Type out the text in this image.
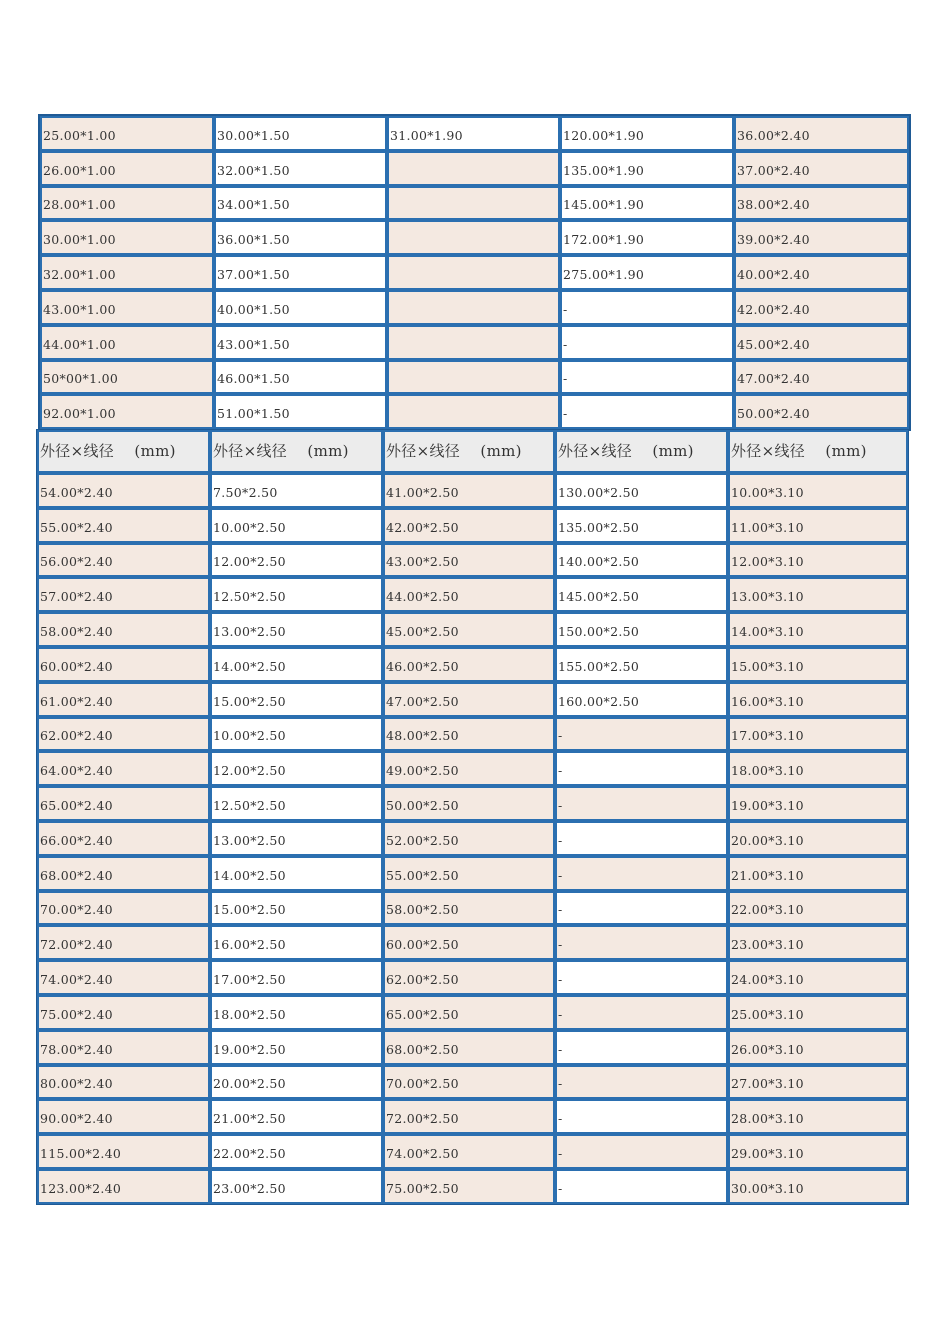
25.00*1.00	30.00*1.50	31.00*1.90	120.00*1.90	36.00*2.40
26.00*1.00	32.00*1.50		135.00*1.90	37.00*2.40
28.00*1.00	34.00*1.50		145.00*1.90	38.00*2.40
30.00*1.00	36.00*1.50		172.00*1.90	39.00*2.40
32.00*1.00	37.00*1.50		275.00*1.90	40.00*2.40
43.00*1.00	40.00*1.50		-	42.00*2.40
44.00*1.00	43.00*1.50		-	45.00*2.40
50*00*1.00	46.00*1.50		-	47.00*2.40
92.00*1.00	51.00*1.50		-	50.00*2.40
外径×线径　 (mm)	外径×线径　 (mm)	外径×线径　 (mm)	外径×线径　 (mm)	外径×线径　 (mm)
54.00*2.40	7.50*2.50	41.00*2.50	130.00*2.50	10.00*3.10
55.00*2.40	10.00*2.50	42.00*2.50	135.00*2.50	11.00*3.10
56.00*2.40	12.00*2.50	43.00*2.50	140.00*2.50	12.00*3.10
57.00*2.40	12.50*2.50	44.00*2.50	145.00*2.50	13.00*3.10
58.00*2.40	13.00*2.50	45.00*2.50	150.00*2.50	14.00*3.10
60.00*2.40	14.00*2.50	46.00*2.50	155.00*2.50	15.00*3.10
61.00*2.40	15.00*2.50	47.00*2.50	160.00*2.50	16.00*3.10
62.00*2.40	10.00*2.50	48.00*2.50	-	17.00*3.10
64.00*2.40	12.00*2.50	49.00*2.50	-	18.00*3.10
65.00*2.40	12.50*2.50	50.00*2.50	-	19.00*3.10
66.00*2.40	13.00*2.50	52.00*2.50	-	20.00*3.10
68.00*2.40	14.00*2.50	55.00*2.50	-	21.00*3.10
70.00*2.40	15.00*2.50	58.00*2.50	-	22.00*3.10
72.00*2.40	16.00*2.50	60.00*2.50	-	23.00*3.10
74.00*2.40	17.00*2.50	62.00*2.50	-	24.00*3.10
75.00*2.40	18.00*2.50	65.00*2.50	-	25.00*3.10
78.00*2.40	19.00*2.50	68.00*2.50	-	26.00*3.10
80.00*2.40	20.00*2.50	70.00*2.50	-	27.00*3.10
90.00*2.40	21.00*2.50	72.00*2.50	-	28.00*3.10
115.00*2.40	22.00*2.50	74.00*2.50	-	29.00*3.10
123.00*2.40	23.00*2.50	75.00*2.50	-	30.00*3.10
